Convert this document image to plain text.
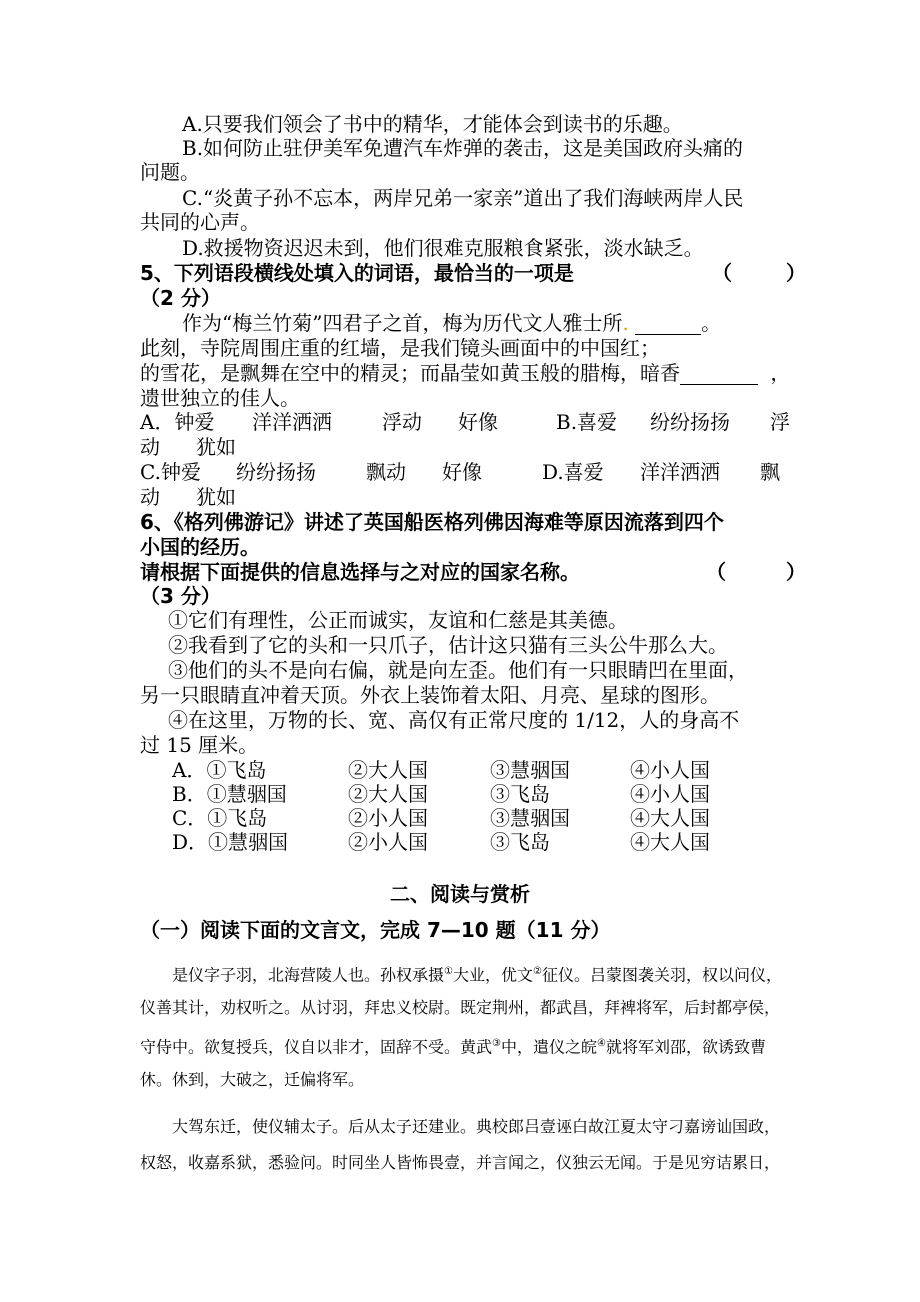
A.只要我们领会了书中的精华，才能体会到读书的乐趣。
B.如何防止驻伊美军免遭汽车炸弹的袭击，这是美国政府头痛的
问题。
C.“炎黄子孙不忘本，两岸兄弟一家亲”道出了我们海峡两岸人民
共同的心声。
D.救援物资迟迟未到，他们很难克服粮食紧张，淡水缺乏。
5、下列语段横线处填入的词语，最恰当的一项是	（	）
（2 分）
作为“梅兰竹菊”四君子之首，梅为历代文人雅士所.	。
此刻，寺院周围庄重的红墙，是我们镜头画面中的中国红；
的雪花，是飘舞在空中的精灵；而晶莹如黄玉般的腊梅，暗香	，
遗世独立的佳人。
A．钟爱 洋洋洒洒	浮动 好像	B.喜爱 纷纷扬扬 浮
动 犹如
C.钟爱 纷纷扬扬	飘动 好像	D.喜爱 洋洋洒洒 飘
动 犹如
6、《格列佛游记》讲述了英国船医格列佛因海难等原因流落到四个
小国的经历。
请根据下面提供的信息选择与之对应的国家名称。	（	）
（3 分）
①它们有理性，公正而诚实，友谊和仁慈是其美德。
②我看到了它的头和一只爪子，估计这只猫有三头公牛那么大。
③他们的头不是向右偏，就是向左歪。他们有一只眼睛凹在里面，
另一只眼睛直冲着天顶。外衣上装饰着太阳、月亮、星球的图形。
④在这里，万物的长、宽、高仅有正常尺度的 1/12，人的身高不
过 15 厘米。
A．①飞岛	②大人国	③慧骃国	④小人国
B．①慧骃国	②大人国	③飞岛	④小人国
C．①飞岛	②小人国	③慧骃国	④大人国
D．①慧骃国	②小人国	③飞岛	④大人国
二、阅读与赏析
（一）阅读下面的文言文，完成 7—10 题（11 分）
是仪字子羽，北海营陵人也。孙权承摄①大业，优文②征仪。吕蒙图袭关羽，权以问仪，
仪善其计，劝权听之。从讨羽，拜忠义校尉。既定荆州，都武昌，拜裨将军，后封都亭侯，
守侍中。欲复授兵，仪自以非才，固辞不受。黄武③中，遣仪之皖④就将军刘邵，欲诱致曹
休。休到，大破之，迁偏将军。
大驾东迁，使仪辅太子。后从太子还建业。典校郎吕壹诬白故江夏太守刁嘉谤讪国政，
权怒，收嘉系狱，悉验问。时同坐人皆怖畏壹，并言闻之，仪独云无闻。于是见穷诘累日，
